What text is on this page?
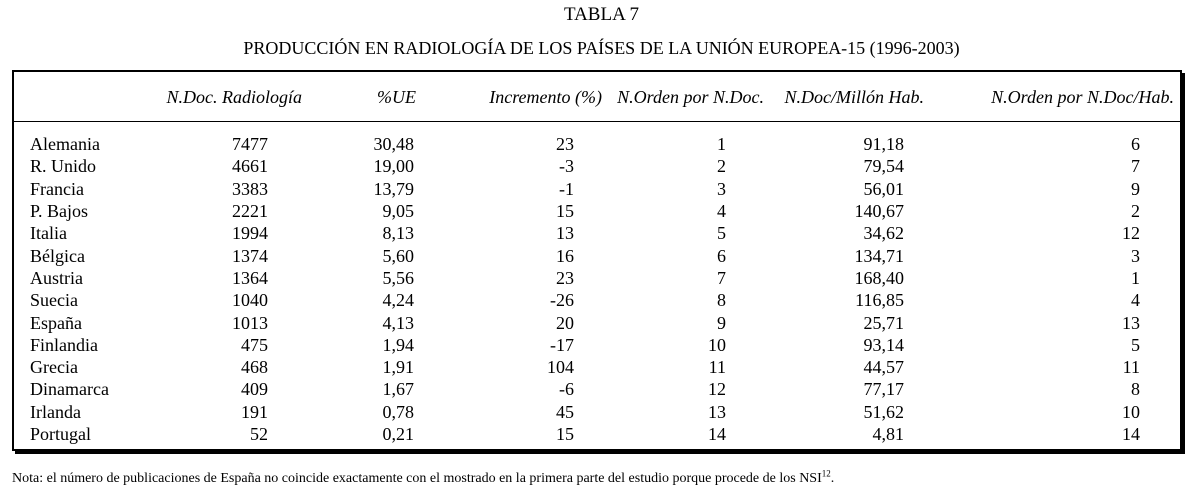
TABLA 7
PRODUCCIÓN EN RADIOLOGÍA DE LOS PAÍSES DE LA UNIÓN EUROPEA-15 (1996-2003)
	N.Doc. Radiología	%UE	Incremento (%)	N.Orden por N.Doc.	N.Doc/Millón Hab.	N.Orden por N.Doc/Hab.
Alemania	7477	30,48	23	1	91,18	6
R. Unido	4661	19,00	-3	2	79,54	7
Francia	3383	13,79	-1	3	56,01	9
P. Bajos	2221	9,05	15	4	140,67	2
Italia	1994	8,13	13	5	34,62	12
Bélgica	1374	5,60	16	6	134,71	3
Austria	1364	5,56	23	7	168,40	1
Suecia	1040	4,24	-26	8	116,85	4
España	1013	4,13	20	9	25,71	13
Finlandia	475	1,94	-17	10	93,14	5
Grecia	468	1,91	104	11	44,57	11
Dinamarca	409	1,67	-6	12	77,17	8
Irlanda	191	0,78	45	13	51,62	10
Portugal	52	0,21	15	14	4,81	14
Nota: el número de publicaciones de España no coincide exactamente con el mostrado en la primera parte del estudio porque procede de los NSI$^{12}$.
